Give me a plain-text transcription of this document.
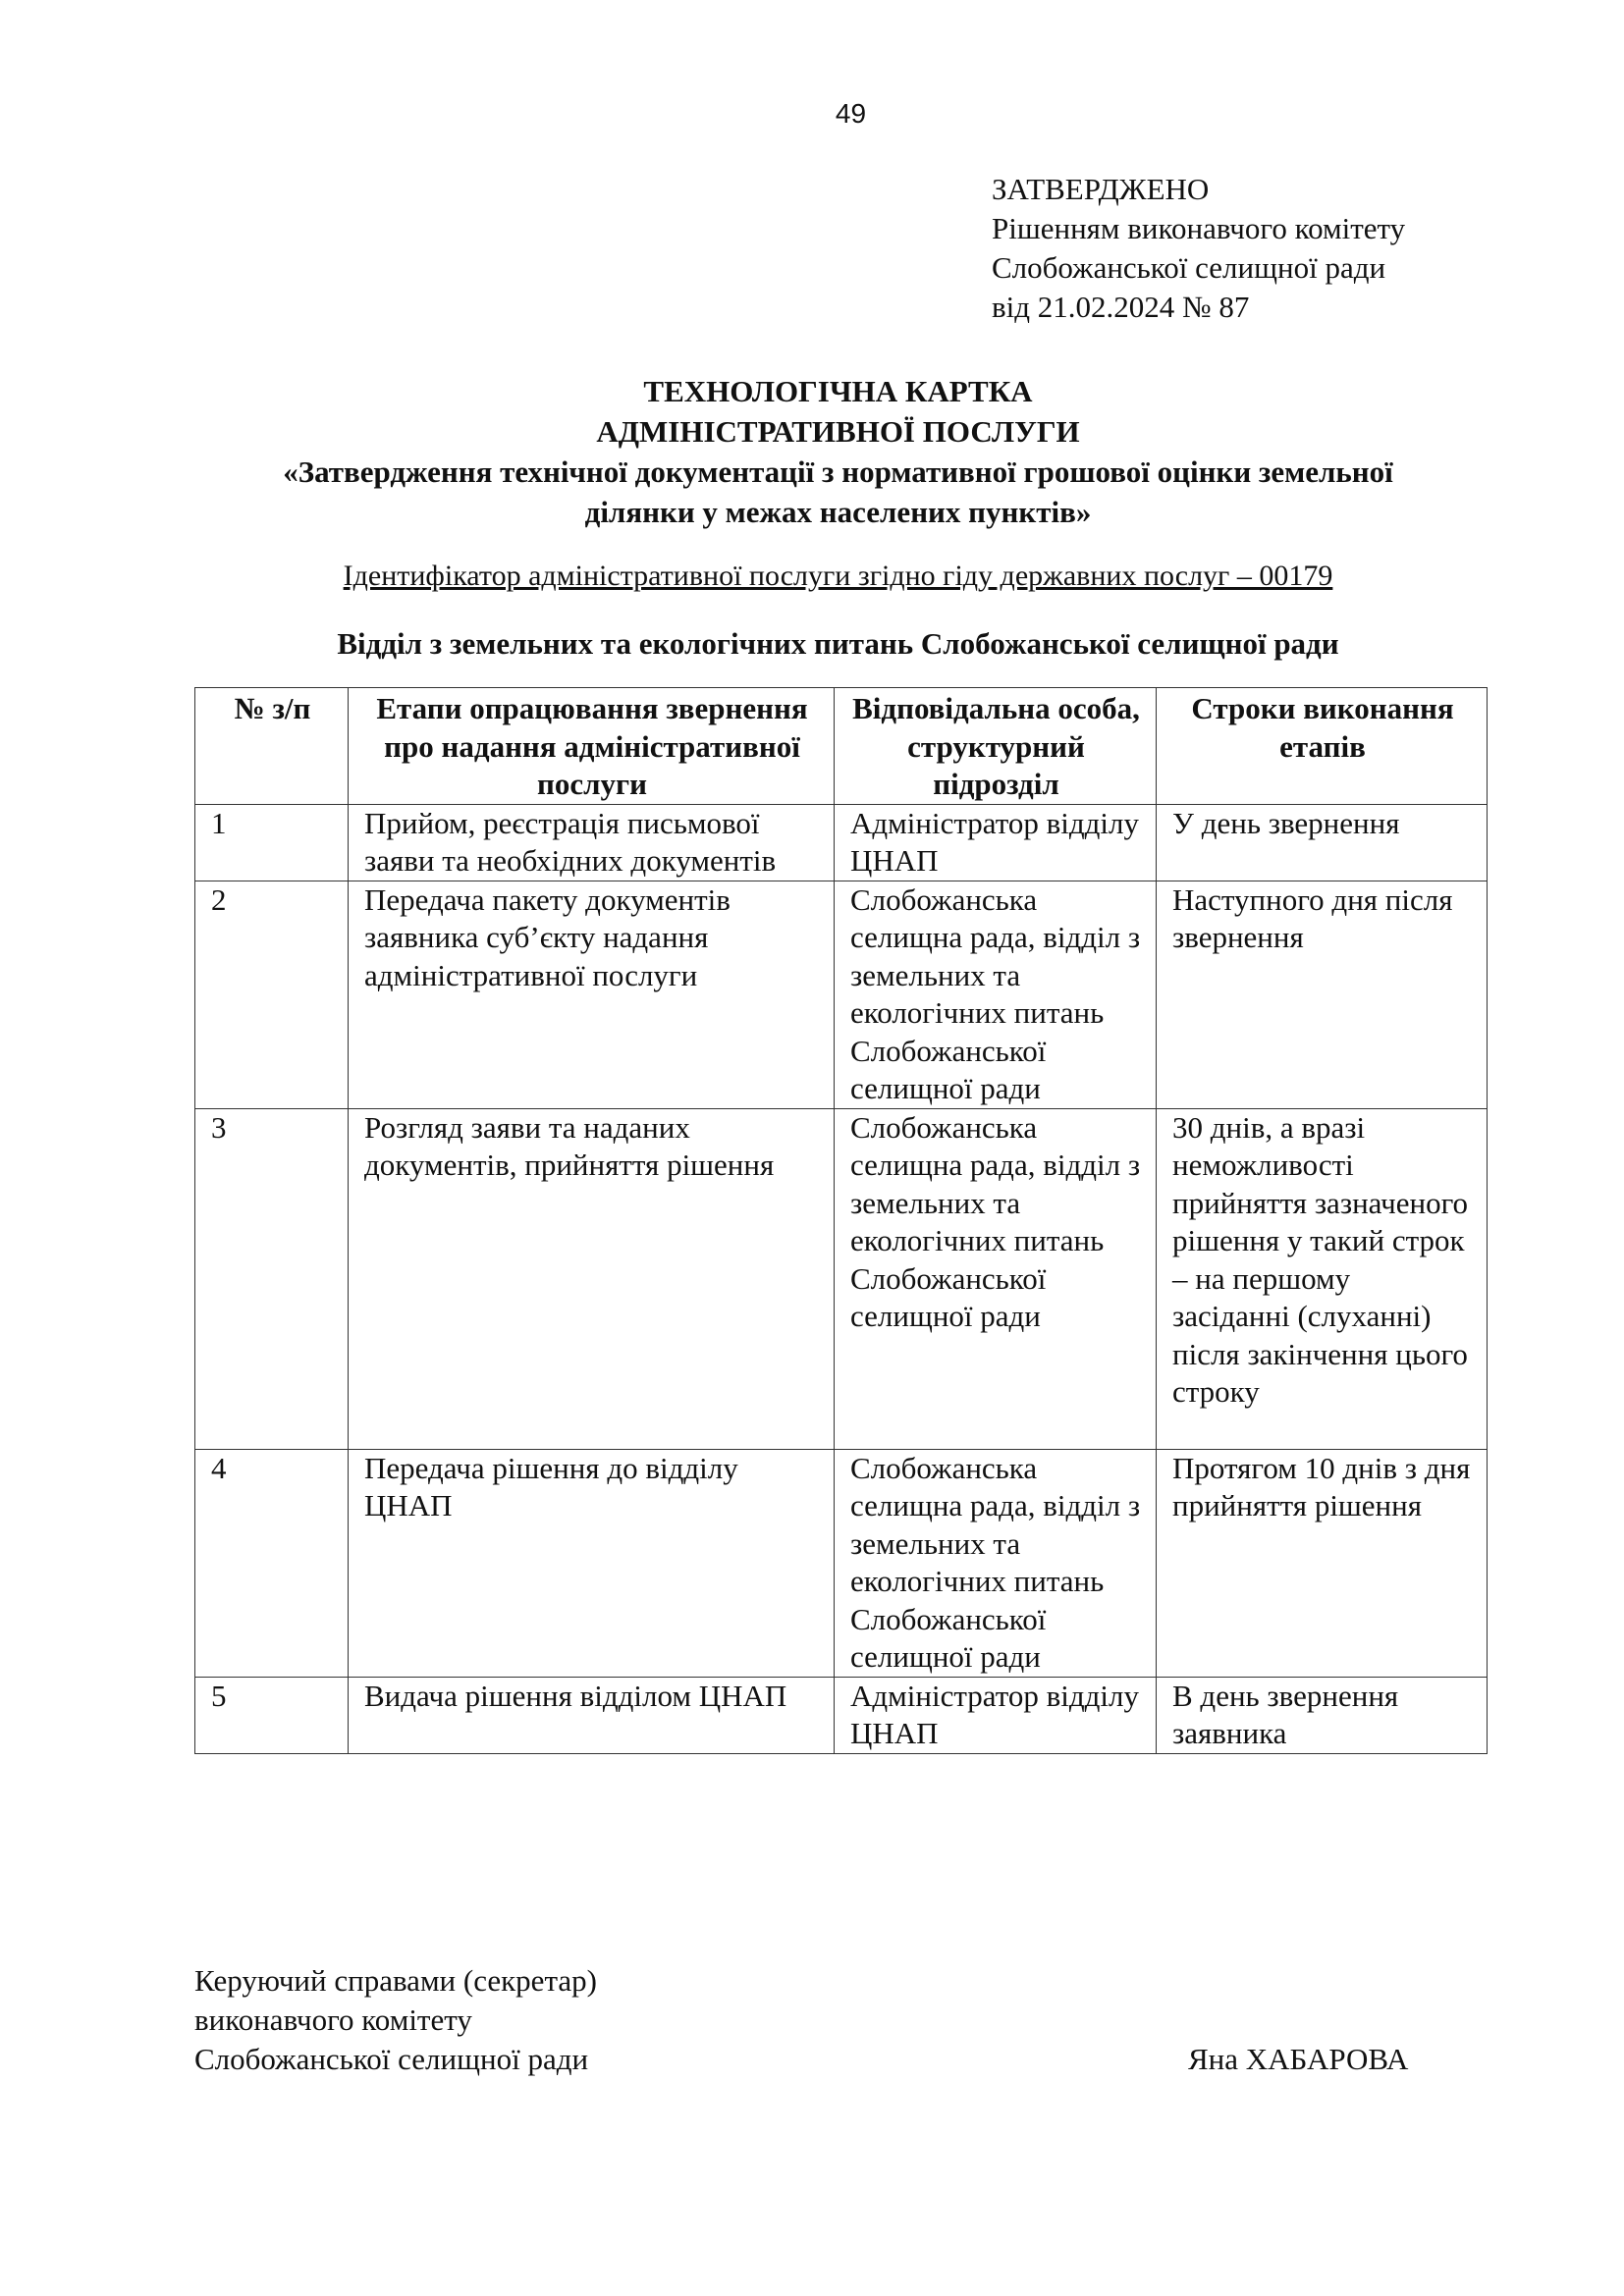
49
ЗАТВЕРДЖЕНО
Рішенням виконавчого комітету
Слобожанської селищної ради
від 21.02.2024 № 87
ТЕХНОЛОГІЧНА КАРТКА
АДМІНІСТРАТИВНОЇ ПОСЛУГИ
«Затвердження технічної документації з нормативної грошової оцінки земельної
ділянки у межах населених пунктів»
Ідентифікатор адміністративної послуги згідно гіду державних послуг – 00179
Відділ з земельних та екологічних питань Слобожанської селищної ради
№ з/п	Етапи опрацювання звернення про надання адміністративної послуги	Відповідальна особа, структурний підрозділ	Строки виконання етапів
1	Прийом, реєстрація письмової заяви та необхідних документів	Адміністратор відділу ЦНАП	У день звернення
2	Передача пакету документів заявника суб’єкту надання адміністративної послуги	Слобожанська селищна рада, відділ з земельних та екологічних питань Слобожанської селищної ради	Наступного дня після звернення
3	Розгляд заяви та наданих документів, прийняття рішення	Слобожанська селищна рада, відділ з земельних та екологічних питань Слобожанської селищної ради	30 днів, а вразі неможливості прийняття зазначеного рішення у такий строк – на першому засіданні (слуханні) після закінчення цього строку
4	Передача рішення до відділу ЦНАП	Слобожанська селищна рада, відділ з земельних та екологічних питань Слобожанської селищної ради	Протягом 10 днів з дня прийняття рішення
5	Видача рішення відділом ЦНАП	Адміністратор відділу ЦНАП	В день звернення заявника
Керуючий справами (секретар)
виконавчого комітету
Слобожанської селищної ради	Яна ХАБАРОВА
